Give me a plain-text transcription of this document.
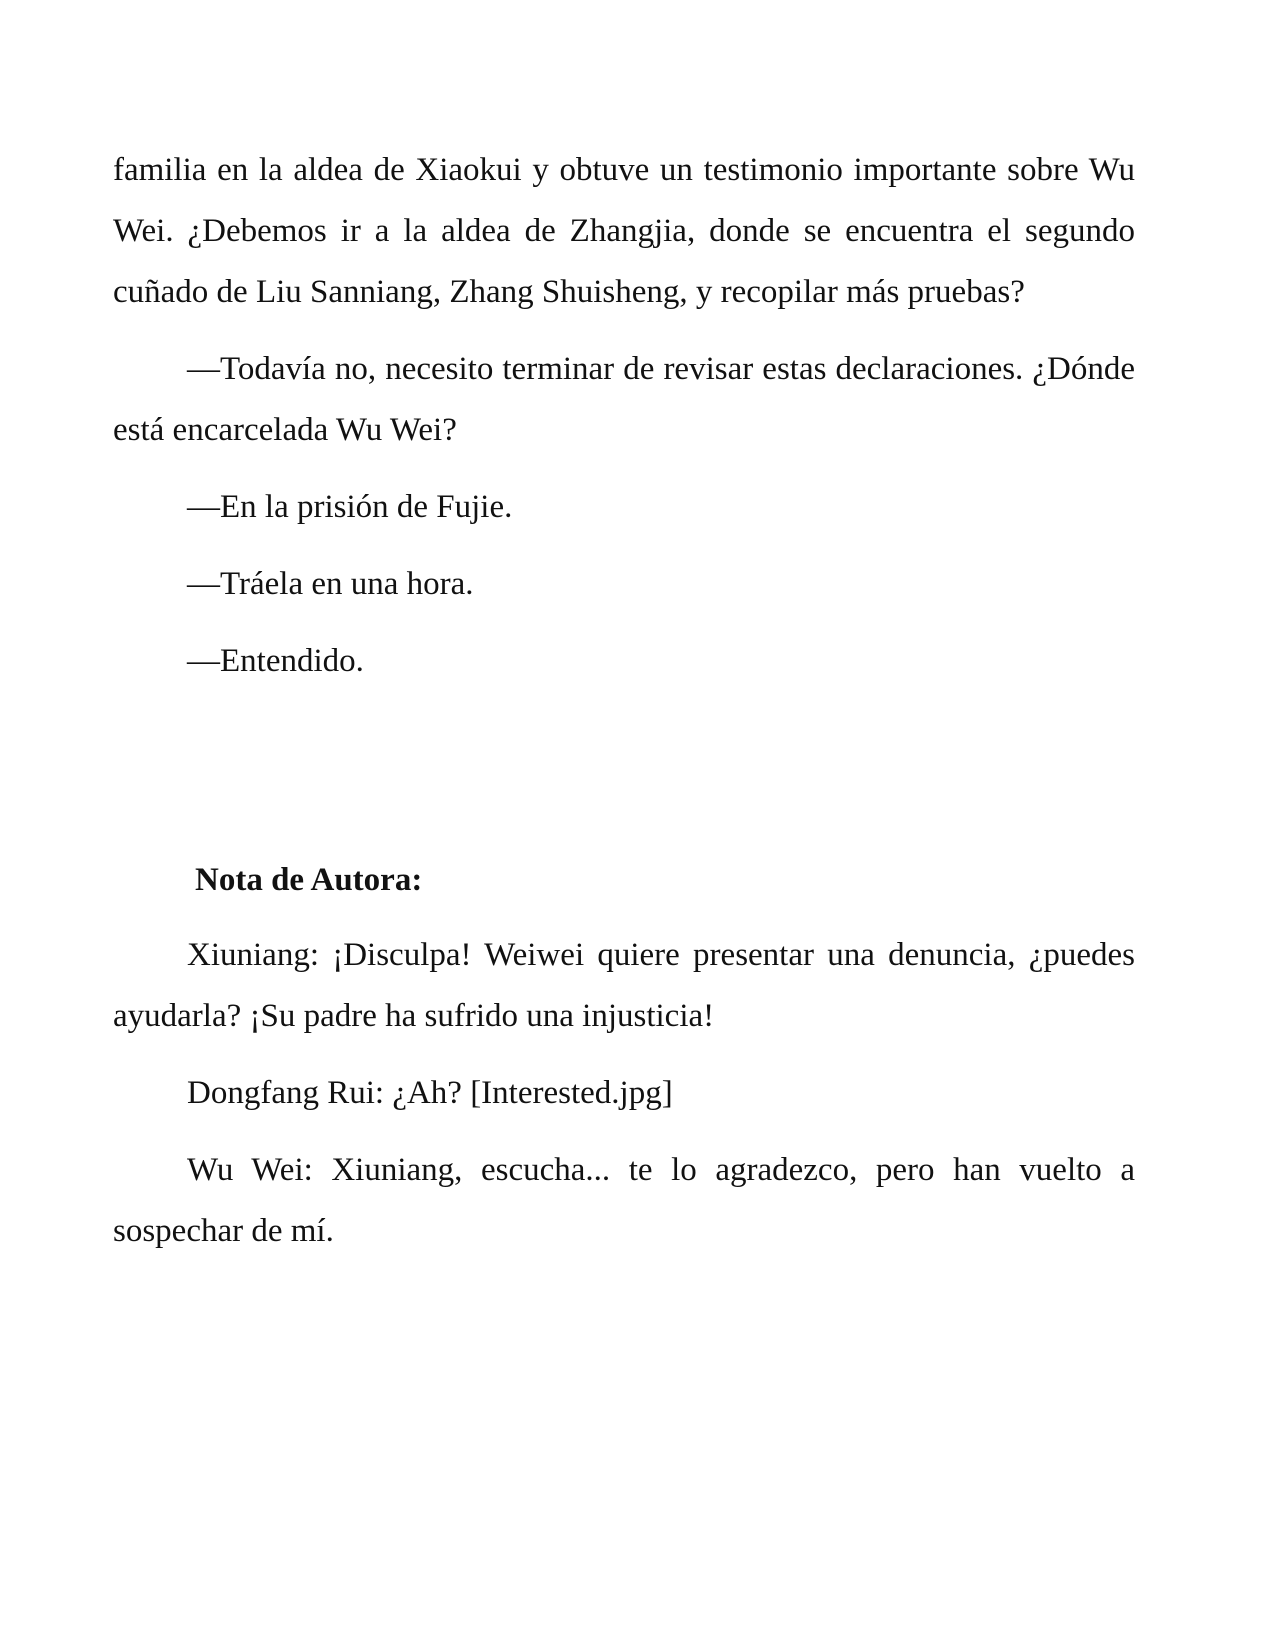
familia en la aldea de Xiaokui y obtuve un testimonio importante sobre Wu Wei. ¿Debemos ir a la aldea de Zhangjia, donde se encuentra el segundo cuñado de Liu Sanniang, Zhang Shuisheng, y recopilar más pruebas?

—Todavía no, necesito terminar de revisar estas declaraciones. ¿Dónde está encarcelada Wu Wei?

—En la prisión de Fujie.

—Tráela en una hora.

—Entendido.

Nota de Autora:

Xiuniang: ¡Disculpa! Weiwei quiere presentar una denuncia, ¿puedes ayudarla? ¡Su padre ha sufrido una injusticia!

Dongfang Rui: ¿Ah? [Interested.jpg]

Wu Wei: Xiuniang, escucha... te lo agradezco, pero han vuelto a sospechar de mí.
